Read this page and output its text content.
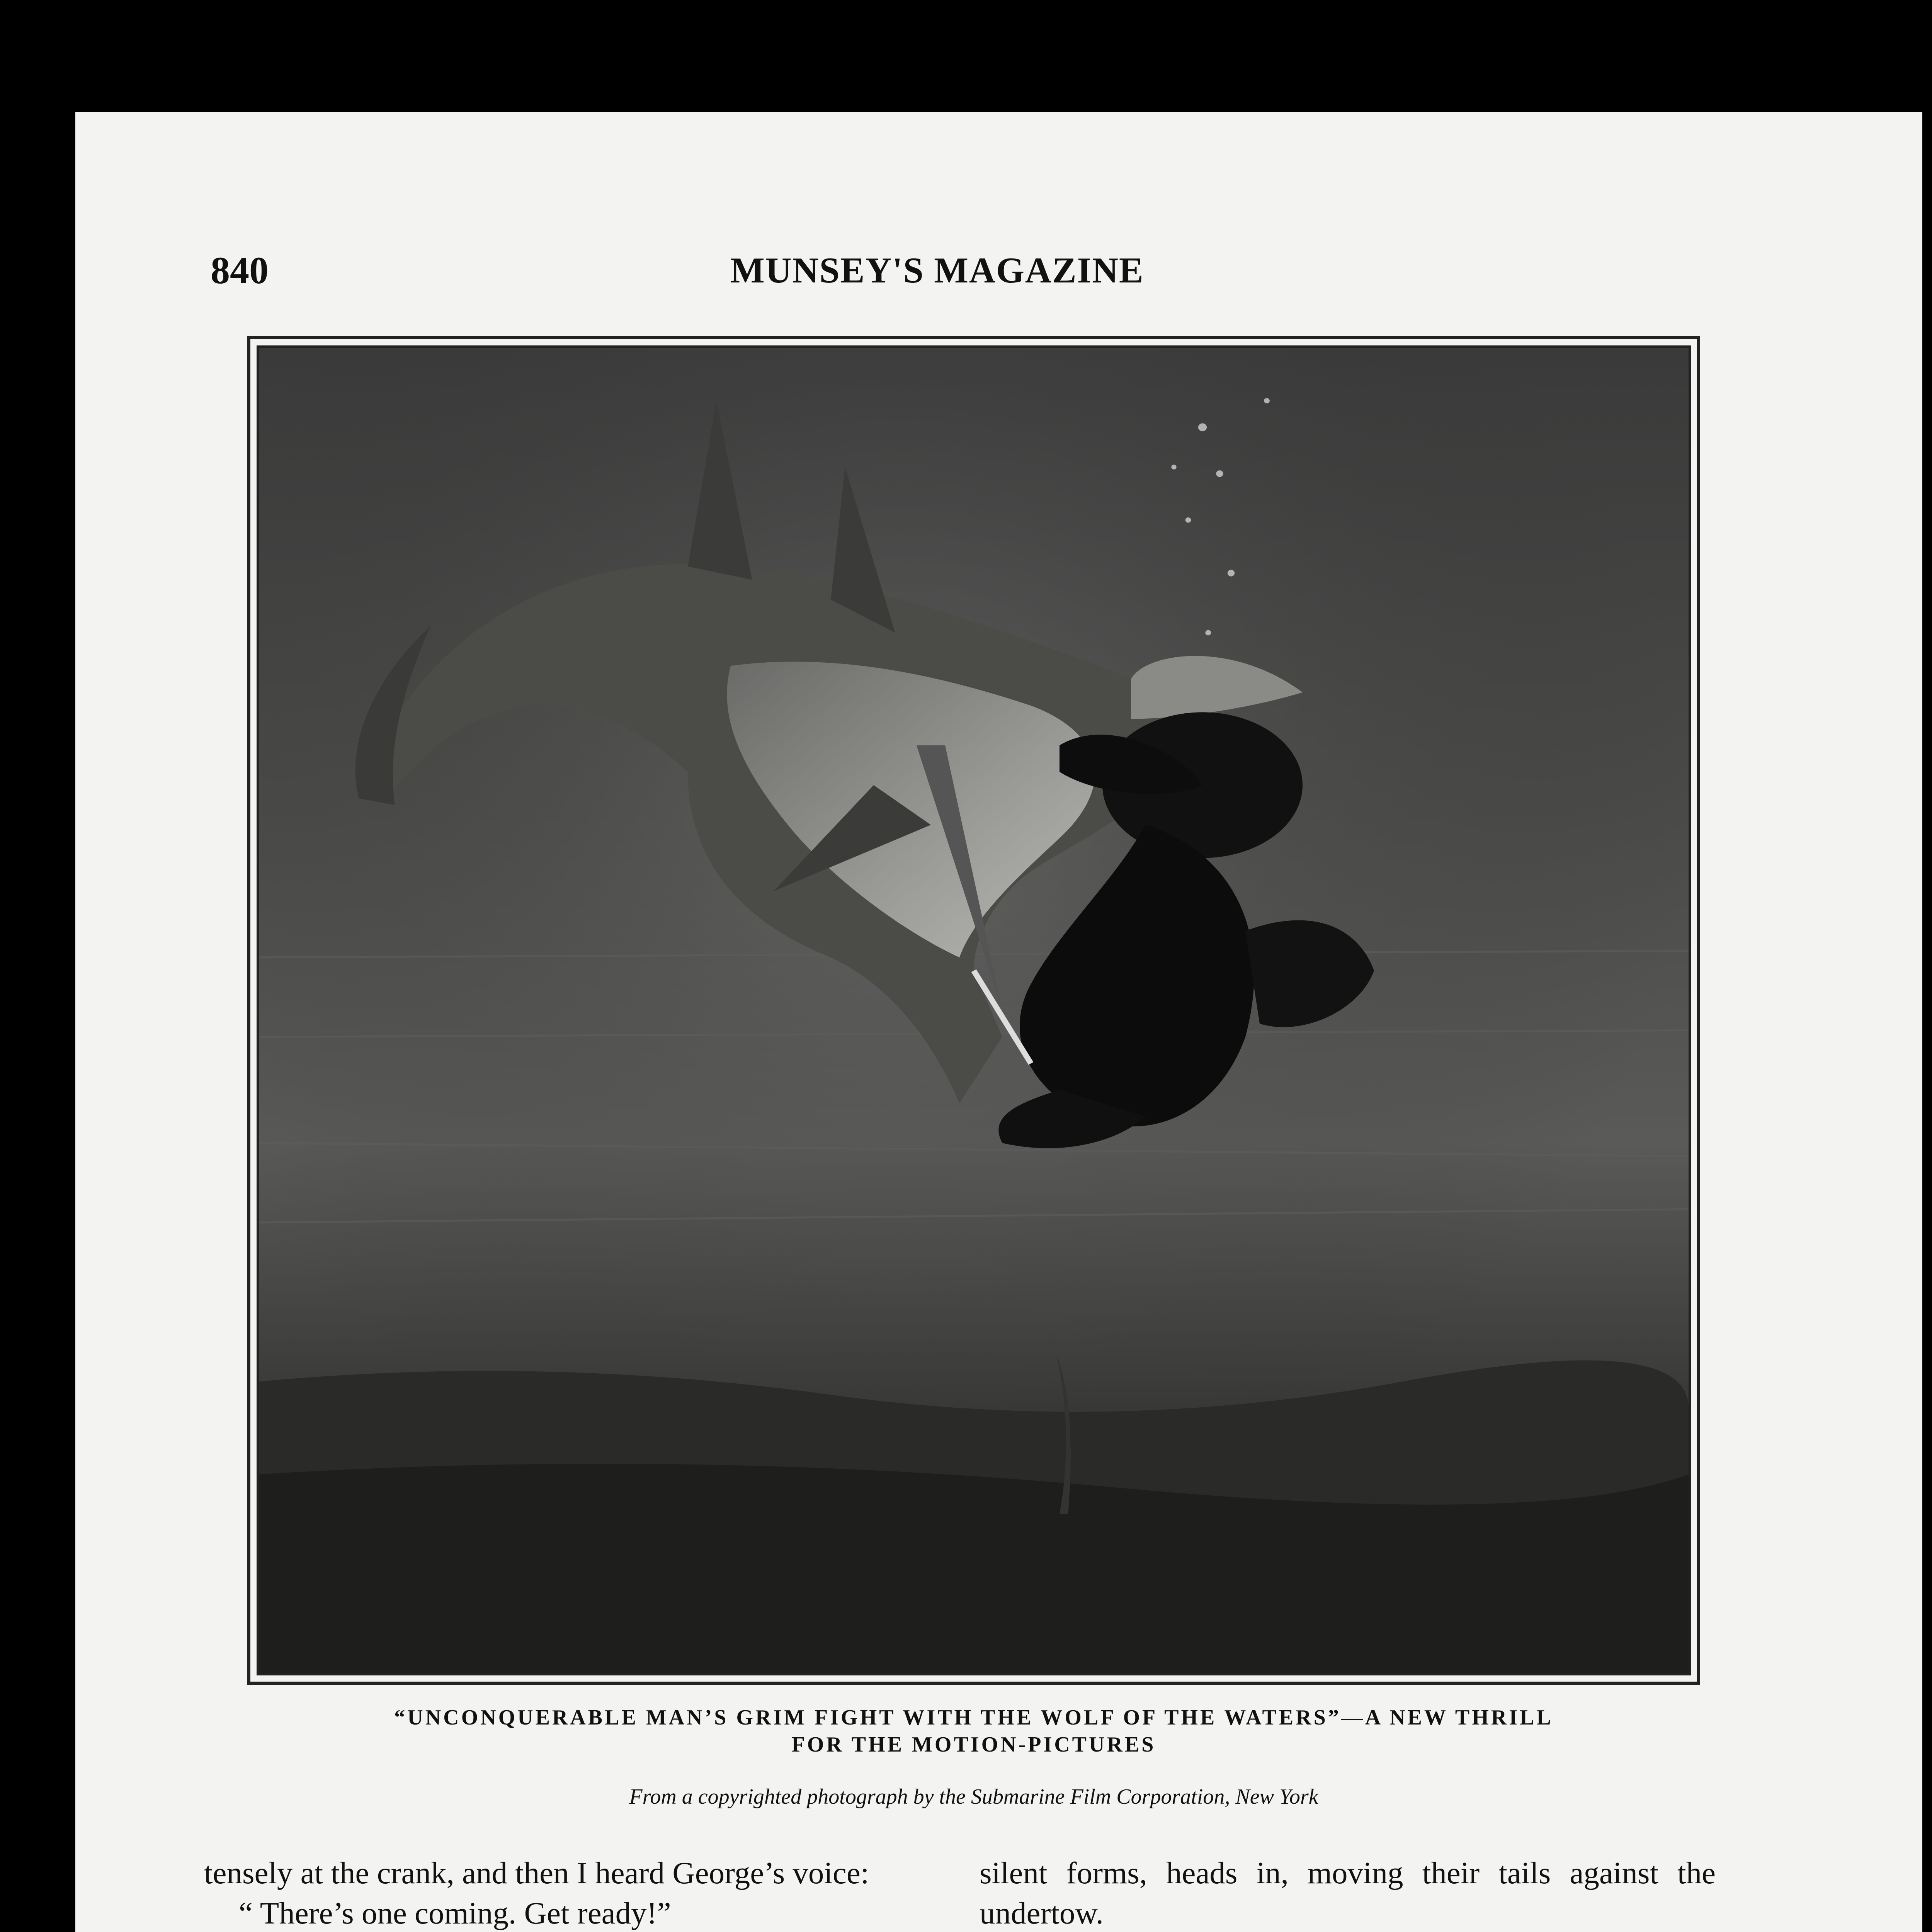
840	MUNSEY'S MAGAZINE
“UNCONQUERABLE MAN’S GRIM FIGHT WITH THE WOLF OF THE WATERS”—A NEW THRILL
FOR THE MOTION-PICTURES
From a copyrighted photograph by the Submarine Film Corporation, New York

tensely at the crank, and then I heard George’s voice:

“ There’s one coming. Get ready!”

silent forms, heads in, moving their tails against the undertow.
